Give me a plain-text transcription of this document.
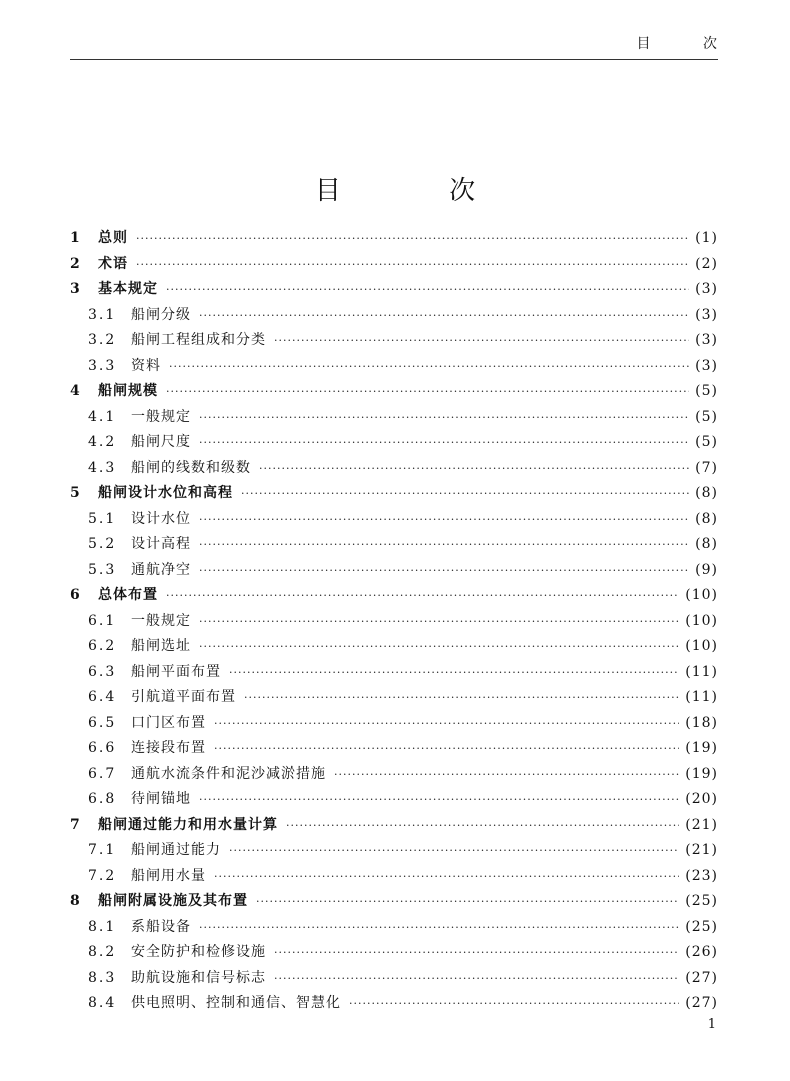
目 次
目 次
1	总则 ·····	(1)
2	术语 ·····	(2)
3	基本规定 ·····	(3)
3.1	船闸分级 ·····	(3)
3.2	船闸工程组成和分类 ·····	(3)
3.3	资料 ·····	(3)
4	船闸规模 ·····	(5)
4.1	一般规定 ·····	(5)
4.2	船闸尺度 ·····	(5)
4.3	船闸的线数和级数 ·····	(7)
5	船闸设计水位和高程 ·····	(8)
5.1	设计水位 ·····	(8)
5.2	设计高程 ·····	(8)
5.3	通航净空 ·····	(9)
6	总体布置 ·····	(10)
6.1	一般规定 ·····	(10)
6.2	船闸选址 ·····	(10)
6.3	船闸平面布置 ·····	(11)
6.4	引航道平面布置 ·····	(11)
6.5	口门区布置 ·····	(18)
6.6	连接段布置 ·····	(19)
6.7	通航水流条件和泥沙减淤措施 ·····	(19)
6.8	待闸锚地 ·····	(20)
7	船闸通过能力和用水量计算 ·····	(21)
7.1	船闸通过能力 ·····	(21)
7.2	船闸用水量 ·····	(23)
8	船闸附属设施及其布置 ·····	(25)
8.1	系船设备 ·····	(25)
8.2	安全防护和检修设施 ·····	(26)
8.3	助航设施和信号标志 ·····	(27)
8.4	供电照明、控制和通信、智慧化 ·····	(27)
1
